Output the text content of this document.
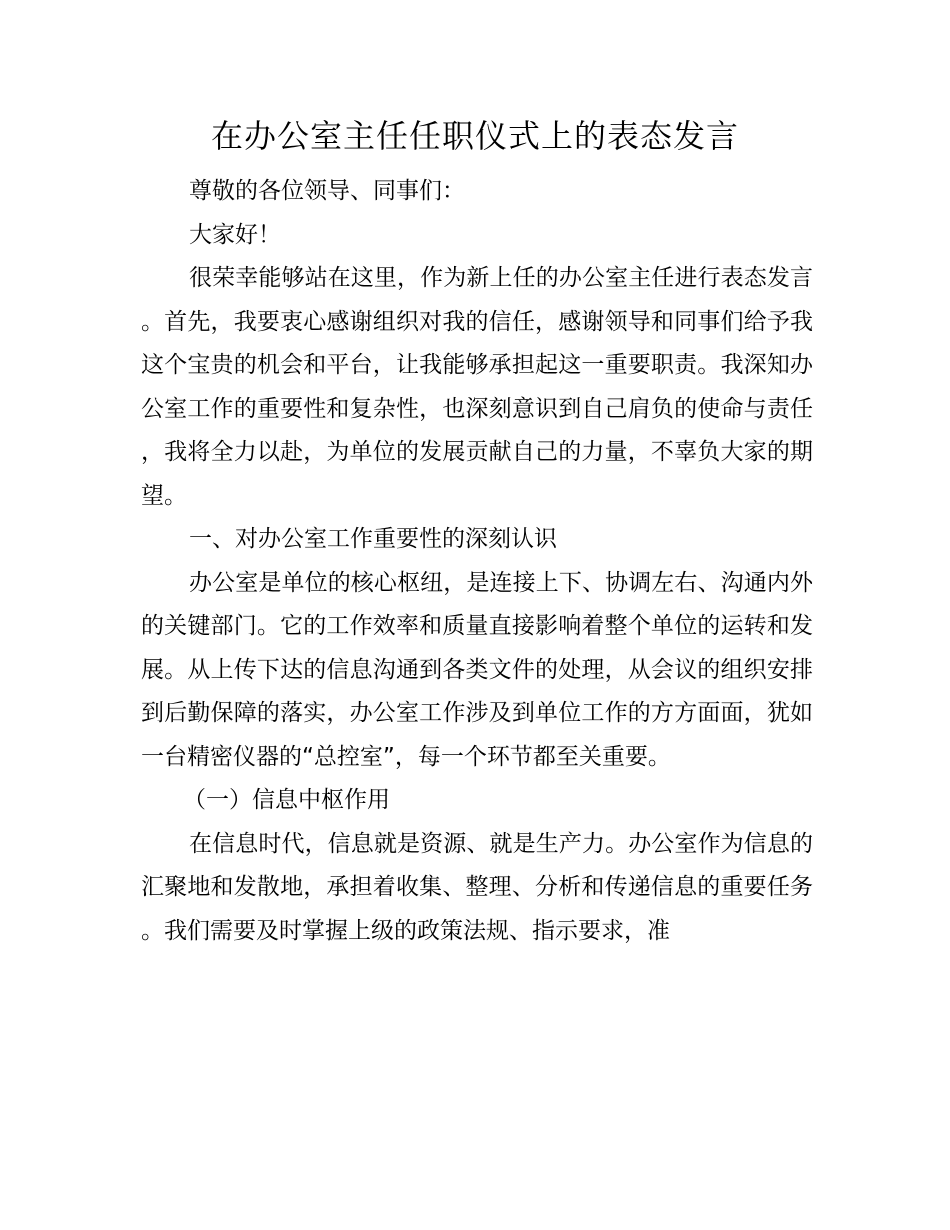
在办公室主任任职仪式上的表态发言

尊敬的各位领导、同事们：

大家好！

很荣幸能够站在这里，作为新上任的办公室主任进行表态发言。首先，我要衷心感谢组织对我的信任，感谢领导和同事们给予我这个宝贵的机会和平台，让我能够承担起这一重要职责。我深知办公室工作的重要性和复杂性，也深刻意识到自己肩负的使命与责任，我将全力以赴，为单位的发展贡献自己的力量，不辜负大家的期望。

一、对办公室工作重要性的深刻认识

办公室是单位的核心枢纽，是连接上下、协调左右、沟通内外的关键部门。它的工作效率和质量直接影响着整个单位的运转和发展。从上传下达的信息沟通到各类文件的处理，从会议的组织安排到后勤保障的落实，办公室工作涉及到单位工作的方方面面，犹如一台精密仪器的“总控室”，每一个环节都至关重要。

（一）信息中枢作用

在信息时代，信息就是资源、就是生产力。办公室作为信息的汇聚地和发散地，承担着收集、整理、分析和传递信息的重要任务。我们需要及时掌握上级的政策法规、指示要求，准
